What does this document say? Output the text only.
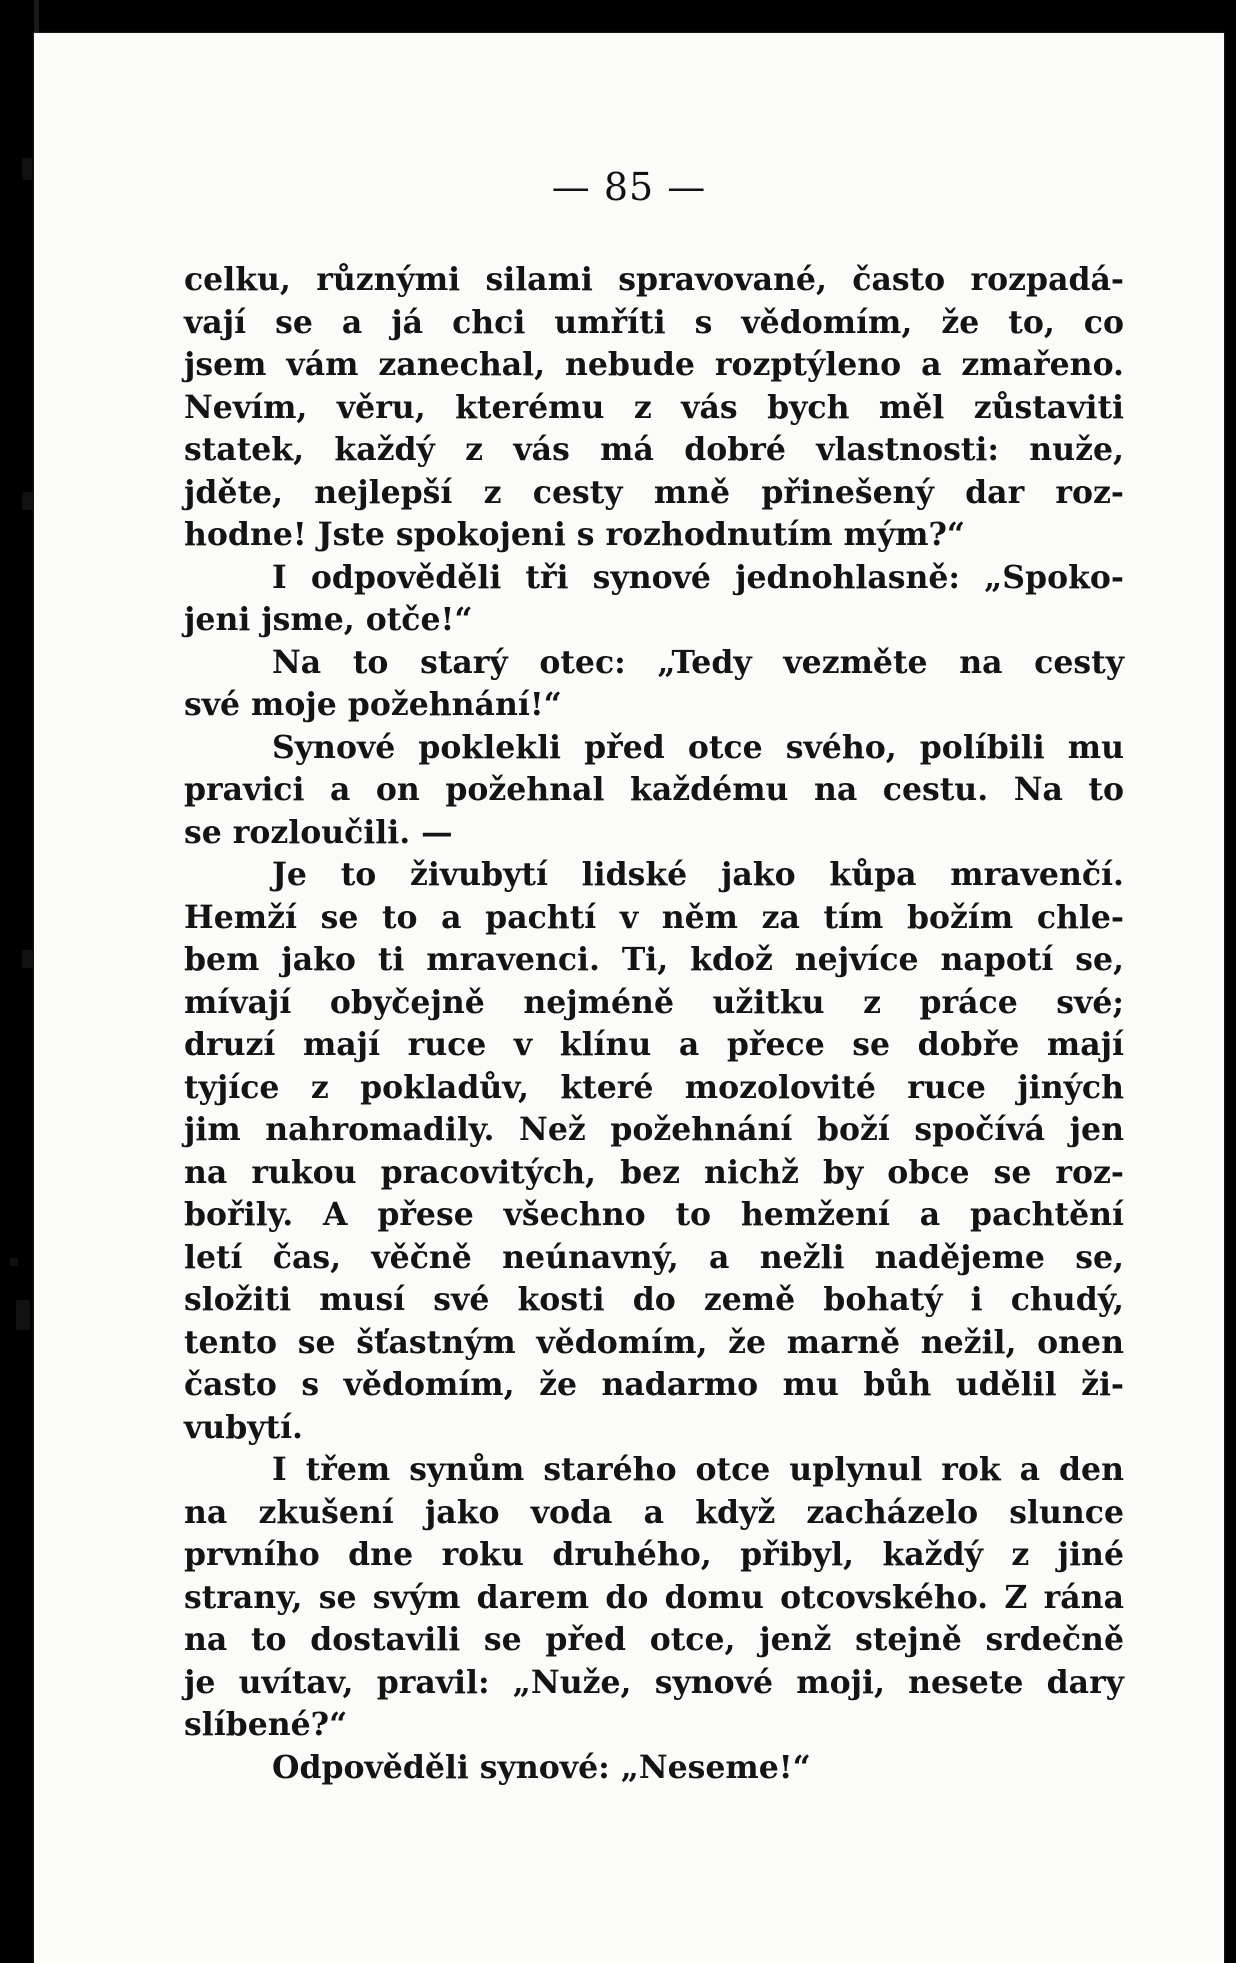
— 85 —
celku, různými silami spravované, často rozpadá-
vají se a já chci umříti s vědomím, že to, co
jsem vám zanechal, nebude rozptýleno a zmařeno.
Nevím, věru, kterému z vás bych měl zůstaviti
statek, každý z vás má dobré vlastnosti: nuže,
jděte, nejlepší z cesty mně přinešený dar roz-
hodne! Jste spokojeni s rozhodnutím mým?“
I odpověděli tři synové jednohlasně: „Spoko-
jeni jsme, otče!“
Na to starý otec: „Tedy vezměte na cesty
své moje požehnání!“
Synové poklekli před otce svého, políbili mu
pravici a on požehnal každému na cestu. Na to
se rozloučili. —
Je to živubytí lidské jako kůpa mravenčí.
Hemží se to a pachtí v něm za tím božím chle-
bem jako ti mravenci. Ti, kdož nejvíce napotí se,
mívají obyčejně nejméně užitku z práce své;
druzí mají ruce v klínu a přece se dobře mají
tyjíce z pokladův, které mozolovité ruce jiných
jim nahromadily. Než požehnání boží spočívá jen
na rukou pracovitých, bez nichž by obce se roz-
bořily. A přese všechno to hemžení a pachtění
letí čas, věčně neúnavný, a nežli nadějeme se,
složiti musí své kosti do země bohatý i chudý,
tento se šťastným vědomím, že marně nežil, onen
často s vědomím, že nadarmo mu bůh udělil ži-
vubytí.
I třem synům starého otce uplynul rok a den
na zkušení jako voda a když zacházelo slunce
prvního dne roku druhého, přibyl, každý z jiné
strany, se svým darem do domu otcovského. Z rána
na to dostavili se před otce, jenž stejně srdečně
je uvítav, pravil: „Nuže, synové moji, nesete dary
slíbené?“
Odpověděli synové: „Neseme!“
